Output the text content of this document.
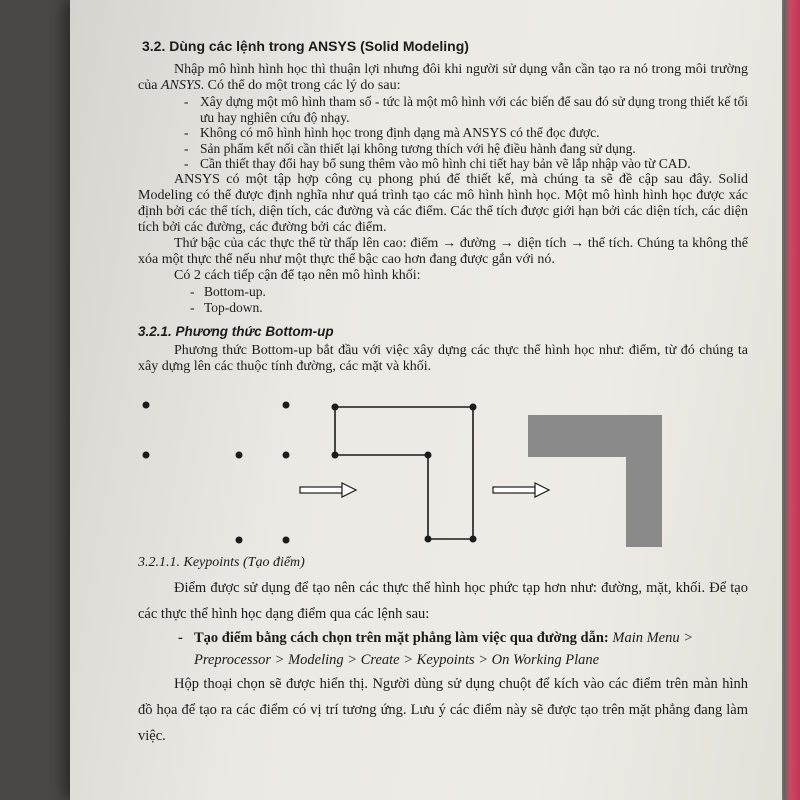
3.2. Dùng các lệnh trong ANSYS (Solid Modeling)

Nhập mô hình hình học thì thuận lợi nhưng đôi khi người sử dụng vẫn cần tạo ra nó trong môi trường của ANSYS. Có thể do một trong các lý do sau:

- Xây dựng một mô hình tham số - tức là một mô hình với các biến để sau đó sử dụng trong thiết kế tối ưu hay nghiên cứu độ nhạy.
- Không có mô hình hình học trong định dạng mà ANSYS có thể đọc được.
- Sản phẩm kết nối cần thiết lại không tương thích với hệ điều hành đang sử dụng.
- Cần thiết thay đổi hay bổ sung thêm vào mô hình chi tiết hay bản vẽ lắp nhập vào từ CAD.

ANSYS có một tập hợp công cụ phong phú để thiết kế, mà chúng ta sẽ đề cập sau đây. Solid Modeling có thể được định nghĩa như quá trình tạo các mô hình hình học. Một mô hình hình học được xác định bởi các thể tích, diện tích, các đường và các điểm. Các thể tích được giới hạn bởi các diện tích, các diện tích bởi các đường, các đường bởi các điểm.

Thứ bậc của các thực thể từ thấp lên cao: điểm → đường → diện tích → thể tích. Chúng ta không thể xóa một thực thể nếu như một thực thể bậc cao hơn đang được gắn với nó.

Có 2 cách tiếp cận để tạo nên mô hình khối:

- Bottom-up.
- Top-down.
3.2.1. Phương thức Bottom-up

Phương thức Bottom-up bắt đầu với việc xây dựng các thực thể hình học như: điểm, từ đó chúng ta xây dựng lên các thuộc tính đường, các mặt và khối.

3.2.1.1. Keypoints (Tạo điểm)

Điểm được sử dụng để tạo nên các thực thể hình học phức tạp hơn như: đường, mặt, khối. Để tạo các thực thể hình học dạng điểm qua các lệnh sau:

- Tạo điểm bằng cách chọn trên mặt phẳng làm việc qua đường dẫn: Main Menu > Preprocessor > Modeling > Create > Keypoints > On Working Plane

Hộp thoại chọn sẽ được hiển thị. Người dùng sử dụng chuột để kích vào các điểm trên màn hình đồ họa để tạo ra các điểm có vị trí tương ứng. Lưu ý các điểm này sẽ được tạo trên mặt phẳng đang làm việc.
